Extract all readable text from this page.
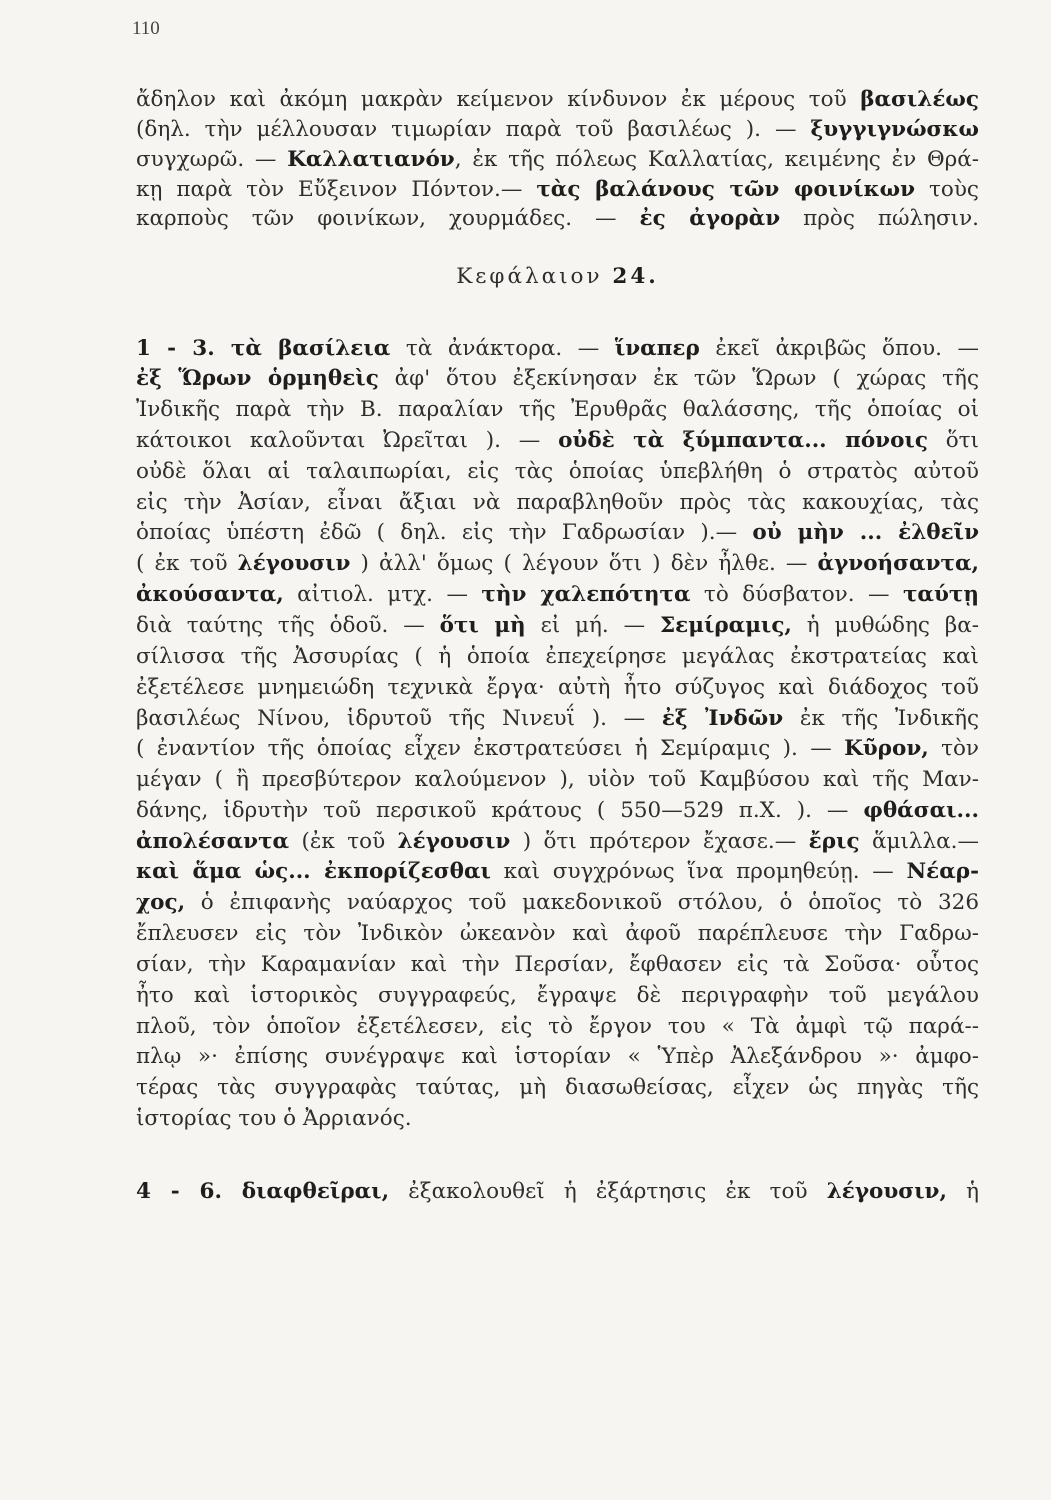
110
ἄδηλον καὶ ἀκόμη μακρὰν κείμενον κίνδυνον ἐκ μέρους τοῦ βασιλέως
(δηλ. τὴν μέλλουσαν τιμωρίαν παρὰ τοῦ βασιλέως ). — ξυγγιγνώσκω
συγχωρῶ. — Καλλατιανόν, ἐκ τῆς πόλεως Καλλατίας, κειμένης ἐν Θρά-
κῃ παρὰ τὸν Εὔξεινον Πόντον.— τὰς βαλάνους τῶν φοινίκων τοὺς
καρποὺς τῶν φοινίκων, χουρμάδες. — ἐς ἀγορὰν πρὸς πώλησιν.
Κεφάλαιον 24.
1 - 3. τὰ βασίλεια τὰ ἀνάκτορα. — ἵναπερ ἐκεῖ ἀκριβῶς ὅπου. —
ἐξ Ὥρων ὁρμηθεὶς ἀφ' ὅτου ἐξεκίνησαν ἐκ τῶν Ὥρων ( χώρας τῆς
Ἰνδικῆς παρὰ τὴν Β. παραλίαν τῆς Ἐρυθρᾶς θαλάσσης, τῆς ὁποίας οἱ
κάτοικοι καλοῦνται Ὠρεῖται ). — οὐδὲ τὰ ξύμπαντα... πόνοις ὅτι
οὐδὲ ὅλαι αἱ ταλαιπωρίαι, εἰς τὰς ὁποίας ὑπεβλήθη ὁ στρατὸς αὐτοῦ
εἰς τὴν Ἀσίαν, εἶναι ἄξιαι νὰ παραβληθοῦν πρὸς τὰς κακουχίας, τὰς
ὁποίας ὑπέστη ἐδῶ ( δηλ. εἰς τὴν Γαδρωσίαν ).— οὐ μὴν ... ἐλθεῖν
( ἐκ τοῦ λέγουσιν ) ἀλλ' ὅμως ( λέγουν ὅτι ) δὲν ἦλθε. — ἀγνοήσαντα,
ἀκούσαντα, αἰτιολ. μτχ. — τὴν χαλεπότητα τὸ δύσβατον. — ταύτῃ
διὰ ταύτης τῆς ὁδοῦ. — ὅτι μὴ εἰ μή. — Σεμίραμις, ἡ μυθώδης βα-
σίλισσα τῆς Ἀσσυρίας ( ἡ ὁποία ἐπεχείρησε μεγάλας ἐκστρατείας καὶ
ἐξετέλεσε μνημειώδη τεχνικὰ ἔργα· αὐτὴ ἦτο σύζυγος καὶ διάδοχος τοῦ
βασιλέως Νίνου, ἱδρυτοῦ τῆς Νινευΐ ). — ἐξ Ἰνδῶν ἐκ τῆς Ἰνδικῆς
( ἐναντίον τῆς ὁποίας εἶχεν ἐκστρατεύσει ἡ Σεμίραμις ). — Κῦρον, τὸν
μέγαν ( ἢ πρεσβύτερον καλούμενον ), υἱὸν τοῦ Καμβύσου καὶ τῆς Μαν-
δάνης, ἱδρυτὴν τοῦ περσικοῦ κράτους ( 550—529 π.Χ. ). — φθάσαι...
ἀπολέσαντα (ἐκ τοῦ λέγουσιν ) ὅτι πρότερον ἔχασε.— ἔρις ἅμιλλα.—
καὶ ἅμα ὡς... ἐκπορίζεσθαι καὶ συγχρόνως ἵνα προμηθεύῃ. — Νέαρ-
χος, ὁ ἐπιφανὴς ναύαρχος τοῦ μακεδονικοῦ στόλου, ὁ ὁποῖος τὸ 326
ἔπλευσεν εἰς τὸν Ἰνδικὸν ὠκεανὸν καὶ ἀφοῦ παρέπλευσε τὴν Γαδρω-
σίαν, τὴν Καραμανίαν καὶ τὴν Περσίαν, ἔφθασεν εἰς τὰ Σοῦσα· οὗτος
ἦτο καὶ ἱστορικὸς συγγραφεύς, ἔγραψε δὲ περιγραφὴν τοῦ μεγάλου
πλοῦ, τὸν ὁποῖον ἐξετέλεσεν, εἰς τὸ ἔργον του « Τὰ ἀμφὶ τῷ παρά--
πλῳ »· ἐπίσης συνέγραψε καὶ ἱστορίαν « Ὑπὲρ Ἀλεξάνδρου »· ἀμφο-
τέρας τὰς συγγραφὰς ταύτας, μὴ διασωθείσας, εἶχεν ὡς πηγὰς τῆς
ἱστορίας του ὁ Ἀρριανός.
4 - 6. διαφθεῖραι, ἐξακολουθεῖ ἡ ἐξάρτησις ἐκ τοῦ λέγουσιν, ἡ
